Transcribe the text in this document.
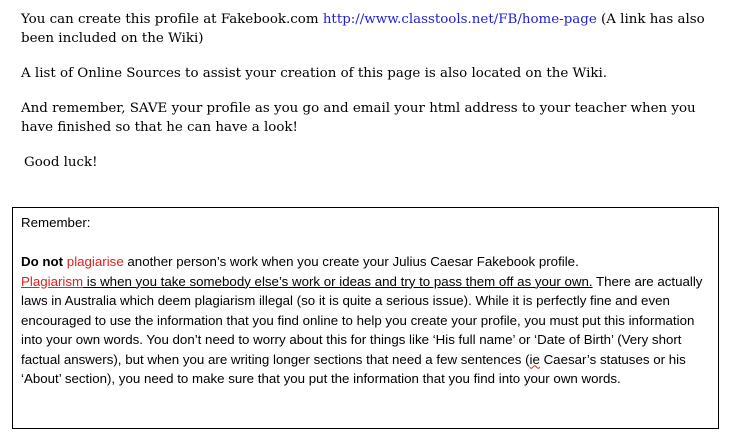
You can create this profile at Fakebook.com http://www.classtools.net/FB/home-page (A link has also been included on the Wiki)

A list of Online Sources to assist your creation of this page is also located on the Wiki.

And remember, SAVE your profile as you go and email your html address to your teacher when you have finished so that he can have a look!

Good luck!

Remember:

Do not plagiarise another person’s work when you create your Julius Caesar Fakebook profile.

Plagiarism is when you take somebody else’s work or ideas and try to pass them off as your own. There are actually laws in Australia which deem plagiarism illegal (so it is quite a serious issue). While it is perfectly fine and even encouraged to use the information that you find online to help you create your profile, you must put this information into your own words. You don’t need to worry about this for things like ‘His full name’ or ‘Date of Birth’ (Very short factual answers), but when you are writing longer sections that need a few sentences (ie Caesar’s statuses or his ‘About’ section), you need to make sure that you put the information that you find into your own words.
